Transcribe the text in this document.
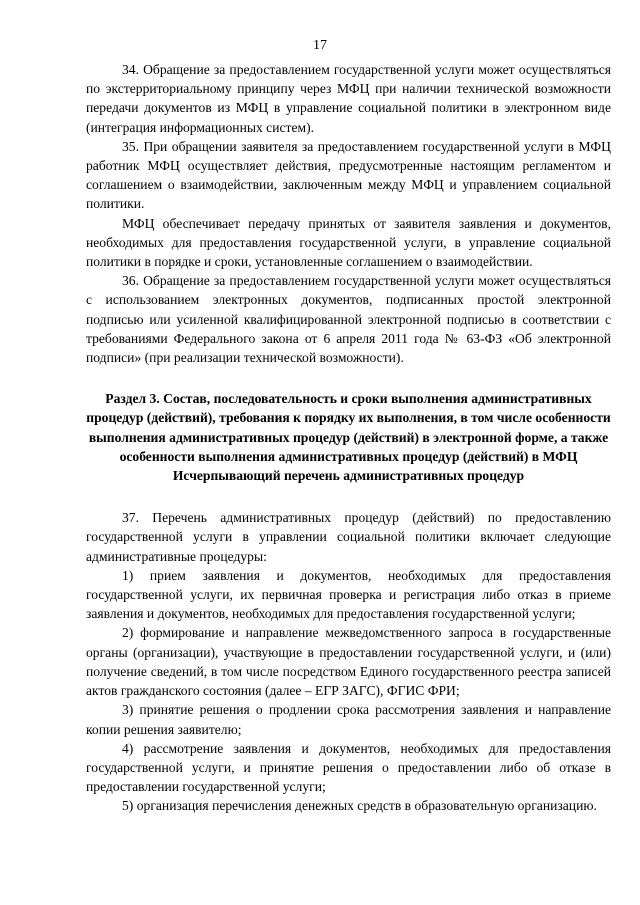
17

34. Обращение за предоставлением государственной услуги может осуществляться по экстерриториальному принципу через МФЦ при наличии технической возможности передачи документов из МФЦ в управление социальной политики в электронном виде (интеграция информационных систем).

35. При обращении заявителя за предоставлением государственной услуги в МФЦ работник МФЦ осуществляет действия, предусмотренные настоящим регламентом и соглашением о взаимодействии, заключенным между МФЦ и управлением социальной политики.

МФЦ обеспечивает передачу принятых от заявителя заявления и документов, необходимых для предоставления государственной услуги, в управление социальной политики в порядке и сроки, установленные соглашением о взаимодействии.

36. Обращение за предоставлением государственной услуги может осуществляться с использованием электронных документов, подписанных простой электронной подписью или усиленной квалифицированной электронной подписью в соответствии с требованиями Федерального закона от 6 апреля 2011 года № 63-ФЗ «Об электронной подписи» (при реализации технической возможности).

Раздел 3. Состав, последовательность и сроки выполнения административных процедур (действий), требования к порядку их выполнения, в том числе особенности выполнения административных процедур (действий) в электронной форме, а также особенности выполнения административных процедур (действий) в МФЦ
Исчерпывающий перечень административных процедур

37. Перечень административных процедур (действий) по предоставлению государственной услуги в управлении социальной политики включает следующие административные процедуры:

1) прием заявления и документов, необходимых для предоставления государственной услуги, их первичная проверка и регистрация либо отказ в приеме заявления и документов, необходимых для предоставления государственной услуги;

2) формирование и направление межведомственного запроса в государственные органы (организации), участвующие в предоставлении государственной услуги, и (или) получение сведений, в том числе посредством Единого государственного реестра записей актов гражданского состояния (далее – ЕГР ЗАГС), ФГИС ФРИ;

3) принятие решения о продлении срока рассмотрения заявления и направление копии решения заявителю;

4) рассмотрение заявления и документов, необходимых для предоставления государственной услуги, и принятие решения о предоставлении либо об отказе в предоставлении государственной услуги;

5) организация перечисления денежных средств в образовательную организацию.
